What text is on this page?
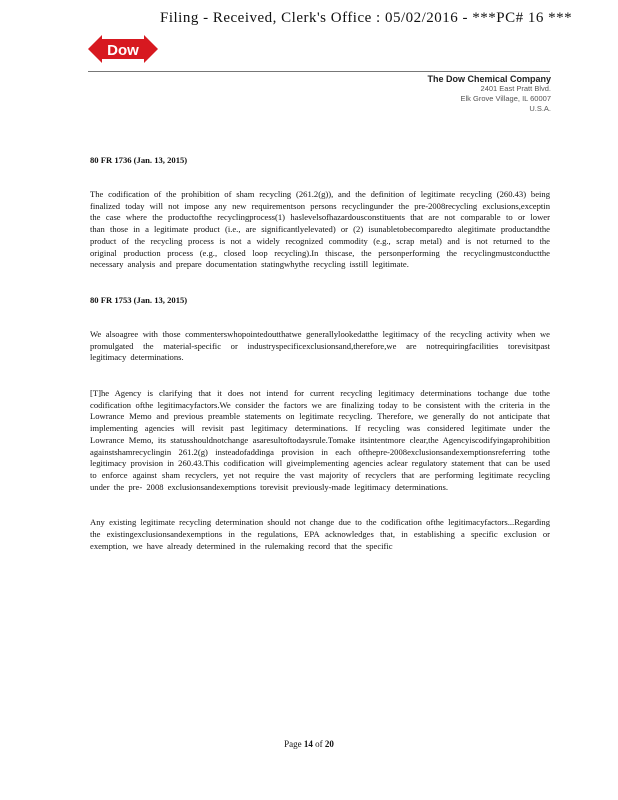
Filing - Received, Clerk's Office : 05/02/2016 - ***PC# 16 ***
Dow
The Dow Chemical Company
2401 East Pratt Blvd.
Elk Grove Village, IL 60007
U.S.A.
80 FR 1736 (Jan. 13, 2015)

The codification of the prohibition of sham recycling (261.2(g)), and the definition of legitimate recycling (260.43) being finalized today will not impose any new requirementson persons recyclingunder the pre-2008recycling exclusions,exceptin the case where the productofthe recyclingprocess(1) haslevelsofhazardousconstituents that are not comparable to or lower than those in a legitimate product (i.e., are significantlyelevated) or (2) isunabletobecomparedto alegitimate productandthe product of the recycling process is not a widely recognized commodity (e.g., scrap metal) and is not returned to the original production process (e.g., closed loop recycling).In thiscase, the personperforming the recyclingmustconductthe necessary analysis and prepare documentation statingwhythe recycling isstill legitimate.

80 FR 1753 (Jan. 13, 2015)

We alsoagree with those commenterswhopointedoutthatwe generallylookedatthe legitimacy of the recycling activity when we promulgated the material-specific or industryspecificexclusionsand,therefore,we are notrequiringfacilities torevisitpast legitimacy determinations.

[T]he Agency is clarifying that it does not intend for current recycling legitimacy determinations tochange due tothe codification ofthe legitimacyfactors.We consider the factors we are finalizing today to be consistent with the criteria in the Lowrance Memo and previous preamble statements on legitimate recycling. Therefore, we generally do not anticipate that implementing agencies will revisit past legitimacy determinations. If recycling was considered legitimate under the Lowrance Memo, its statusshouldnotchange asaresultoftodaysrule.Tomake itsintentmore clear,the Agencyiscodifyingaprohibition againstshamrecyclingin 261.2(g) insteadofaddinga provision in each ofthepre-2008exclusionsandexemptionsreferring tothe legitimacy provision in 260.43.This codification will giveimplementing agencies aclear regulatory statement that can be used to enforce against sham recyclers, yet not require the vast majority of recyclers that are performing legitimate recycling under the pre- 2008 exclusionsandexemptions torevisit previously-made legitimacy determinations.

Any existing legitimate recycling determination should not change due to the codification ofthe legitimacyfactors...Regarding the existingexclusionsandexemptions in the regulations, EPA acknowledges that, in establishing a specific exclusion or exemption, we have already determined in the rulemaking record that the specific

Page 14 of 20
